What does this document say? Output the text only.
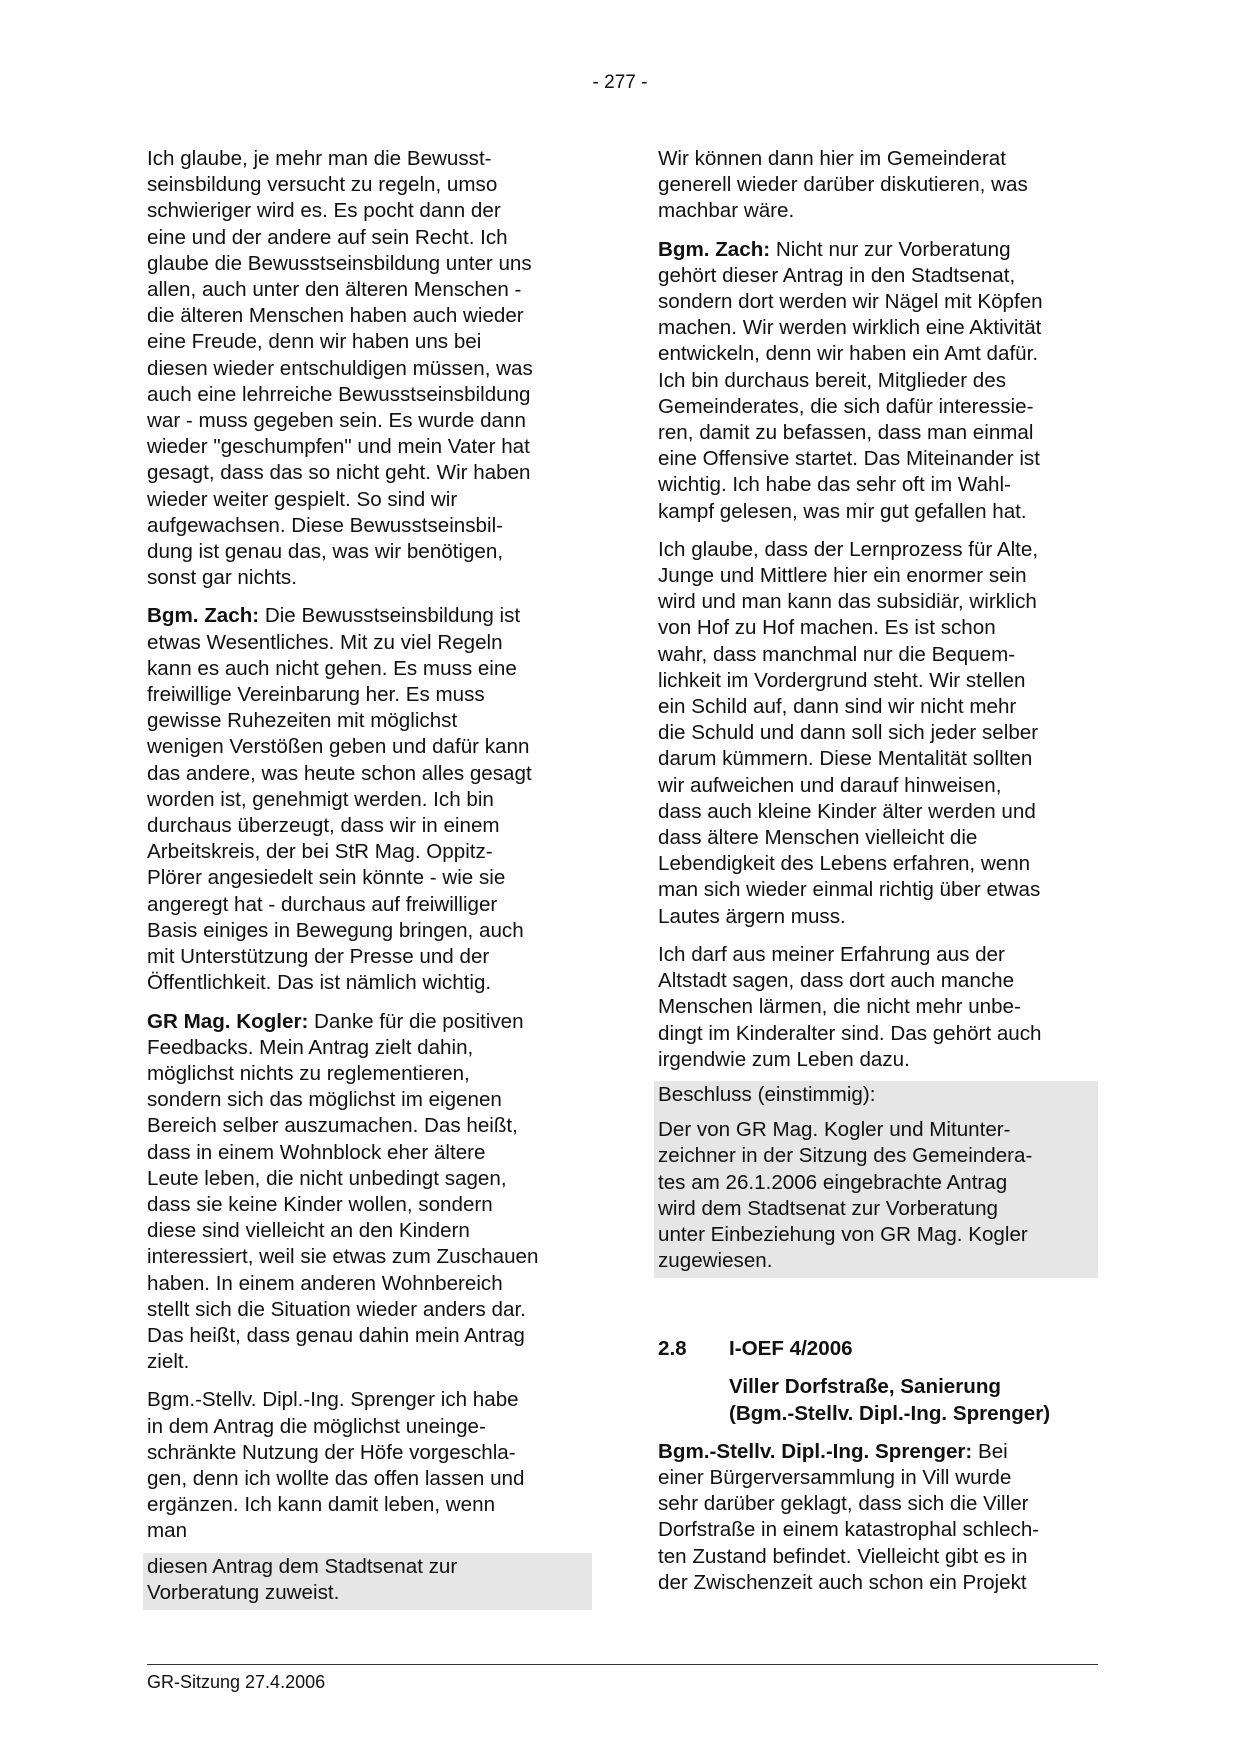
- 277 -
Ich glaube, je mehr man die Bewusst-
seinsbildung versucht zu regeln, umso
schwieriger wird es. Es pocht dann der
eine und der andere auf sein Recht. Ich
glaube die Bewusstseinsbildung unter uns
allen, auch unter den älteren Menschen -
die älteren Menschen haben auch wieder
eine Freude, denn wir haben uns bei
diesen wieder entschuldigen müssen, was
auch eine lehrreiche Bewusstseinsbildung
war - muss gegeben sein. Es wurde dann
wieder "geschumpfen" und mein Vater hat
gesagt, dass das so nicht geht. Wir haben
wieder weiter gespielt. So sind wir
aufgewachsen. Diese Bewusstseinsbil-
dung ist genau das, was wir benötigen,
sonst gar nichts.
Bgm. Zach: Die Bewusstseinsbildung ist
etwas Wesentliches. Mit zu viel Regeln
kann es auch nicht gehen. Es muss eine
freiwillige Vereinbarung her. Es muss
gewisse Ruhezeiten mit möglichst
wenigen Verstößen geben und dafür kann
das andere, was heute schon alles gesagt
worden ist, genehmigt werden. Ich bin
durchaus überzeugt, dass wir in einem
Arbeitskreis, der bei StR Mag. Oppitz-
Plörer angesiedelt sein könnte - wie sie
angeregt hat - durchaus auf freiwilliger
Basis einiges in Bewegung bringen, auch
mit Unterstützung der Presse und der
Öffentlichkeit. Das ist nämlich wichtig.
GR Mag. Kogler: Danke für die positiven
Feedbacks. Mein Antrag zielt dahin,
möglichst nichts zu reglementieren,
sondern sich das möglichst im eigenen
Bereich selber auszumachen. Das heißt,
dass in einem Wohnblock eher ältere
Leute leben, die nicht unbedingt sagen,
dass sie keine Kinder wollen, sondern
diese sind vielleicht an den Kindern
interessiert, weil sie etwas zum Zuschauen
haben. In einem anderen Wohnbereich
stellt sich die Situation wieder anders dar.
Das heißt, dass genau dahin mein Antrag
zielt.
Bgm.-Stellv. Dipl.-Ing. Sprenger ich habe
in dem Antrag die möglichst uneinge-
schränkte Nutzung der Höfe vorgeschla-
gen, denn ich wollte das offen lassen und
ergänzen. Ich kann damit leben, wenn
man
diesen Antrag dem Stadtsenat zur
Vorberatung zuweist.
Wir können dann hier im Gemeinderat
generell wieder darüber diskutieren, was
machbar wäre.
Bgm. Zach: Nicht nur zur Vorberatung
gehört dieser Antrag in den Stadtsenat,
sondern dort werden wir Nägel mit Köpfen
machen. Wir werden wirklich eine Aktivität
entwickeln, denn wir haben ein Amt dafür.
Ich bin durchaus bereit, Mitglieder des
Gemeinderates, die sich dafür interessie-
ren, damit zu befassen, dass man einmal
eine Offensive startet. Das Miteinander ist
wichtig. Ich habe das sehr oft im Wahl-
kampf gelesen, was mir gut gefallen hat.
Ich glaube, dass der Lernprozess für Alte,
Junge und Mittlere hier ein enormer sein
wird und man kann das subsidiär, wirklich
von Hof zu Hof machen. Es ist schon
wahr, dass manchmal nur die Bequem-
lichkeit im Vordergrund steht. Wir stellen
ein Schild auf, dann sind wir nicht mehr
die Schuld und dann soll sich jeder selber
darum kümmern. Diese Mentalität sollten
wir aufweichen und darauf hinweisen,
dass auch kleine Kinder älter werden und
dass ältere Menschen vielleicht die
Lebendigkeit des Lebens erfahren, wenn
man sich wieder einmal richtig über etwas
Lautes ärgern muss.
Ich darf aus meiner Erfahrung aus der
Altstadt sagen, dass dort auch manche
Menschen lärmen, die nicht mehr unbe-
dingt im Kinderalter sind. Das gehört auch
irgendwie zum Leben dazu.
Beschluss (einstimmig):
Der von GR Mag. Kogler und Mitunter-
zeichner in der Sitzung des Gemeindera-
tes am 26.1.2006 eingebrachte Antrag
wird dem Stadtsenat zur Vorberatung
unter Einbeziehung von GR Mag. Kogler
zugewiesen.
2.8 I-OEF 4/2006
Viller Dorfstraße, Sanierung
(Bgm.-Stellv. Dipl.-Ing. Sprenger)
Bgm.-Stellv. Dipl.-Ing. Sprenger: Bei
einer Bürgerversammlung in Vill wurde
sehr darüber geklagt, dass sich die Viller
Dorfstraße in einem katastrophal schlech-
ten Zustand befindet. Vielleicht gibt es in
der Zwischenzeit auch schon ein Projekt
GR-Sitzung 27.4.2006
